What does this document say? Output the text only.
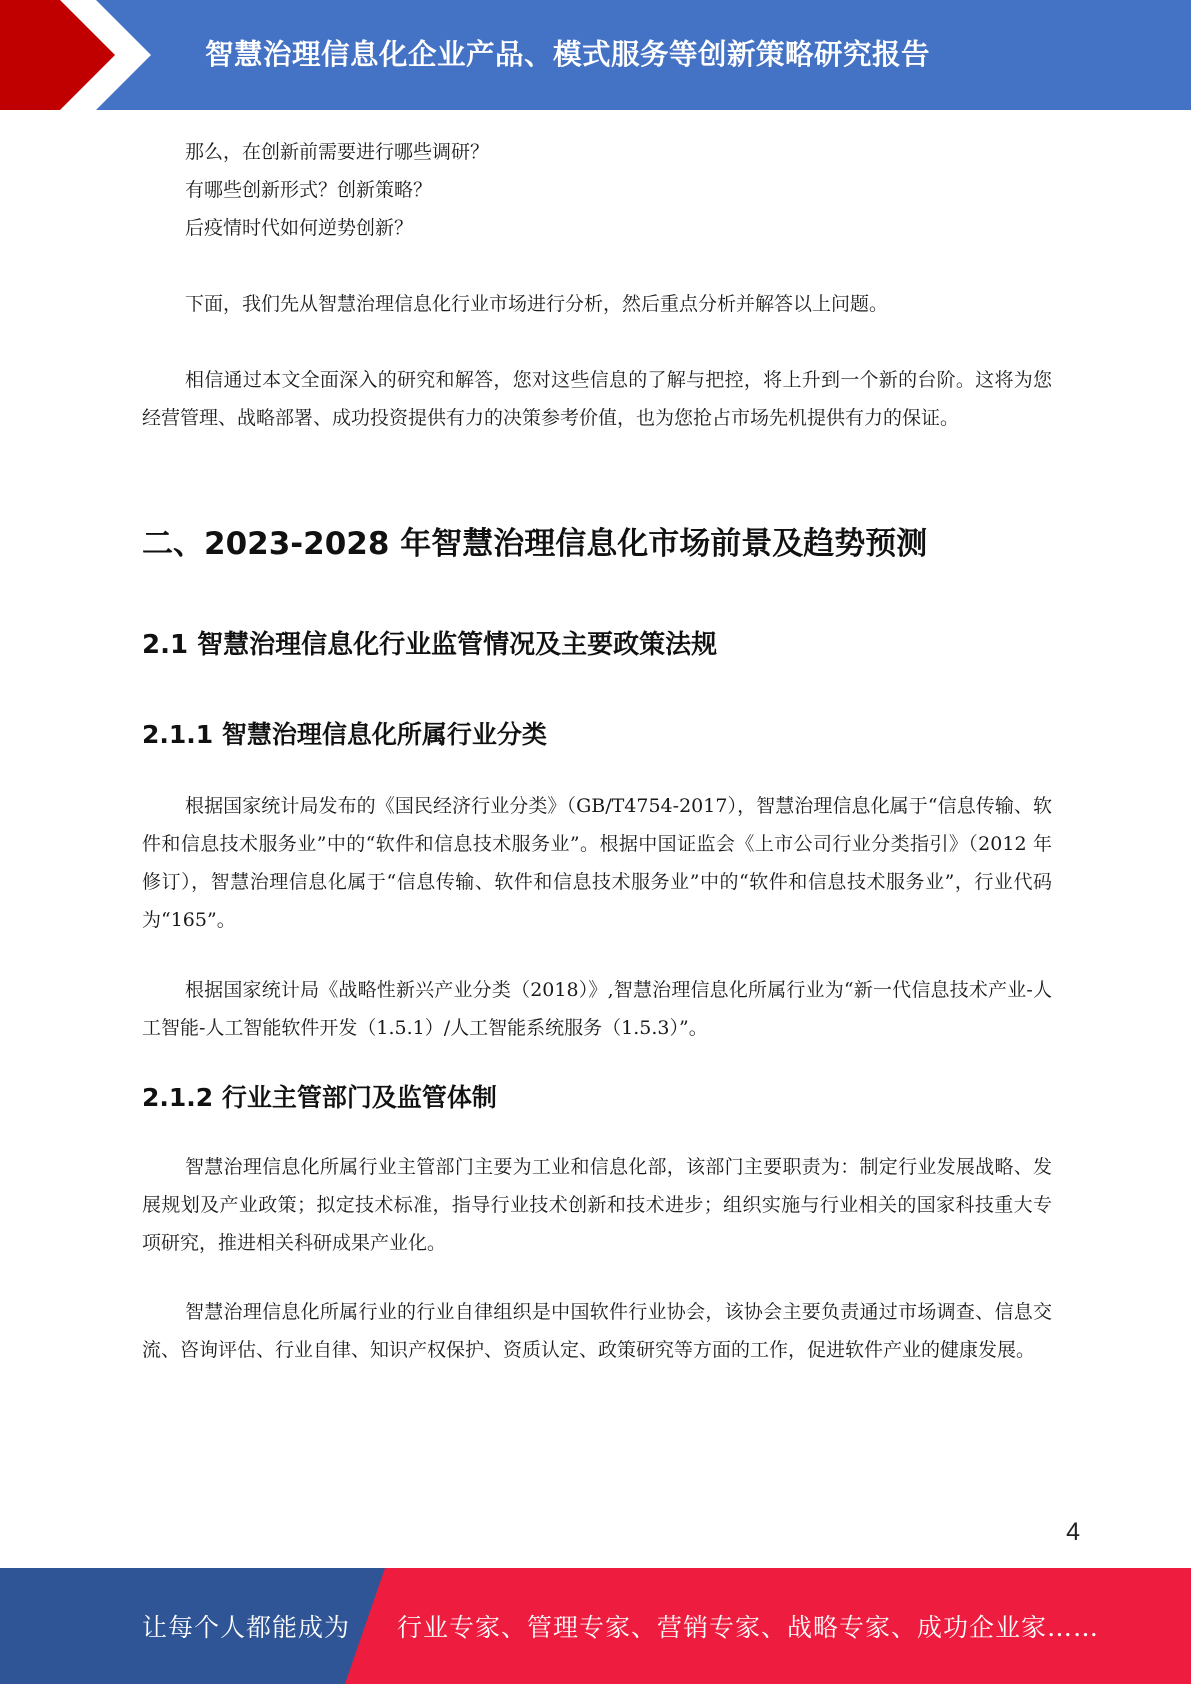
智慧治理信息化企业产品、模式服务等创新策略研究报告
那么，在创新前需要进行哪些调研？
有哪些创新形式？创新策略？
后疫情时代如何逆势创新？
下面，我们先从智慧治理信息化行业市场进行分析，然后重点分析并解答以上问题。
相信通过本文全面深入的研究和解答，您对这些信息的了解与把控，将上升到一个新的台阶。这将为您经营管理、战略部署、成功投资提供有力的决策参考价值，也为您抢占市场先机提供有力的保证。
二、2023-2028 年智慧治理信息化市场前景及趋势预测
2.1 智慧治理信息化行业监管情况及主要政策法规
2.1.1 智慧治理信息化所属行业分类
根据国家统计局发布的《国民经济行业分类》（GB/T4754-2017），智慧治理信息化属于“信息传输、软件和信息技术服务业”中的“软件和信息技术服务业”。根据中国证监会《上市公司行业分类指引》（2012 年修订），智慧治理信息化属于“信息传输、软件和信息技术服务业”中的“软件和信息技术服务业”，行业代码为“165”。
根据国家统计局《战略性新兴产业分类（2018）》,智慧治理信息化所属行业为“新一代信息技术产业-人工智能-人工智能软件开发（1.5.1）/人工智能系统服务（1.5.3）”。
2.1.2 行业主管部门及监管体制
智慧治理信息化所属行业主管部门主要为工业和信息化部，该部门主要职责为：制定行业发展战略、发展规划及产业政策；拟定技术标准，指导行业技术创新和技术进步；组织实施与行业相关的国家科技重大专项研究，推进相关科研成果产业化。
智慧治理信息化所属行业的行业自律组织是中国软件行业协会，该协会主要负责通过市场调查、信息交流、咨询评估、行业自律、知识产权保护、资质认定、政策研究等方面的工作，促进软件产业的健康发展。
4
让每个人都能成为 行业专家、管理专家、营销专家、战略专家、成功企业家……
